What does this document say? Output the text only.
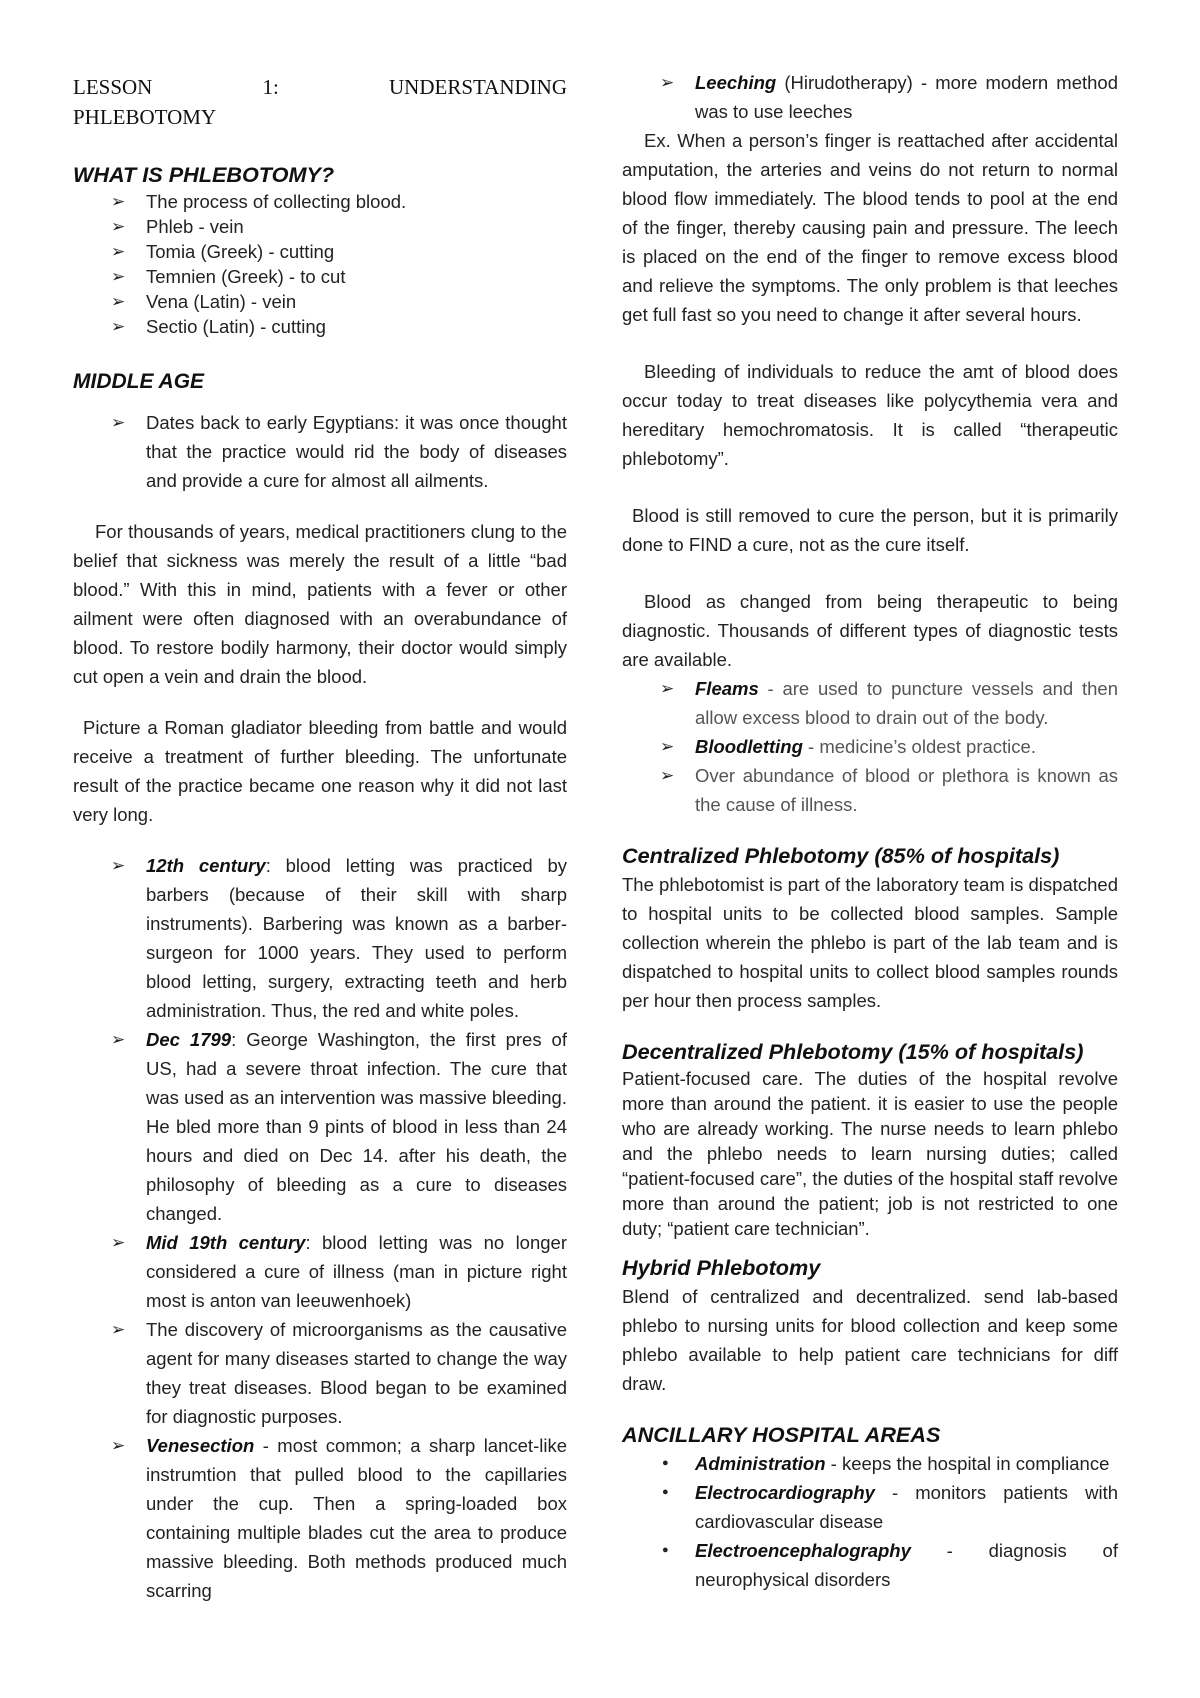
LESSON	1:	UNDERSTANDING
PHLEBOTOMY
WHAT IS PHLEBOTOMY?
➢ The process of collecting blood.
➢ Phleb - vein
➢ Tomia (Greek) - cutting
➢ Temnien (Greek) - to cut
➢ Vena (Latin) - vein
➢ Sectio (Latin) - cutting
MIDDLE AGE
➢ Dates back to early Egyptians: it was once thought that the practice would rid the body of diseases and provide a cure for almost all ailments.

For thousands of years, medical practitioners clung to the belief that sickness was merely the result of a little “bad blood.” With this in mind, patients with a fever or other ailment were often diagnosed with an overabundance of blood. To restore bodily harmony, their doctor would simply cut open a vein and drain the blood.

Picture a Roman gladiator bleeding from battle and would receive a treatment of further bleeding. The unfortunate result of the practice became one reason why it did not last very long.

➢ 12th century: blood letting was practiced by barbers (because of their skill with sharp instruments). Barbering was known as a barber-surgeon for 1000 years. They used to perform blood letting, surgery, extracting teeth and herb administration. Thus, the red and white poles.
➢ Dec 1799: George Washington, the first pres of US, had a severe throat infection. The cure that was used as an intervention was massive bleeding. He bled more than 9 pints of blood in less than 24 hours and died on Dec 14. after his death, the philosophy of bleeding as a cure to diseases changed.
➢ Mid 19th century: blood letting was no longer considered a cure of illness (man in picture right most is anton van leeuwenhoek)
➢ The discovery of microorganisms as the causative agent for many diseases started to change the way they treat diseases. Blood began to be examined for diagnostic purposes.
➢ Venesection - most common; a sharp lancet-like instrumtion that pulled blood to the capillaries under the cup. Then a spring-loaded box containing multiple blades cut the area to produce massive bleeding. Both methods produced much scarring
➢ Leeching (Hirudotherapy) - more modern method was to use leeches

Ex. When a person’s finger is reattached after accidental amputation, the arteries and veins do not return to normal blood flow immediately. The blood tends to pool at the end of the finger, thereby causing pain and pressure. The leech is placed on the end of the finger to remove excess blood and relieve the symptoms. The only problem is that leeches get full fast so you need to change it after several hours.

Bleeding of individuals to reduce the amt of blood does occur today to treat diseases like polycythemia vera and hereditary hemochromatosis. It is called “therapeutic phlebotomy”.

Blood is still removed to cure the person, but it is primarily done to FIND a cure, not as the cure itself.

Blood as changed from being therapeutic to being diagnostic. Thousands of different types of diagnostic tests are available.

➢ Fleams - are used to puncture vessels and then allow excess blood to drain out of the body.
➢ Bloodletting - medicine’s oldest practice.
➢ Over abundance of blood or plethora is known as the cause of illness.
Centralized Phlebotomy (85% of hospitals)

The phlebotomist is part of the laboratory team is dispatched to hospital units to be collected blood samples. Sample collection wherein the phlebo is part of the lab team and is dispatched to hospital units to collect blood samples rounds per hour then process samples.

Decentralized Phlebotomy (15% of hospitals)

Patient-focused care. The duties of the hospital revolve more than around the patient. it is easier to use the people who are already working. The nurse needs to learn phlebo and the phlebo needs to learn nursing duties; called “patient-focused care”, the duties of the hospital staff revolve more than around the patient; job is not restricted to one duty; “patient care technician”.

Hybrid Phlebotomy

Blend of centralized and decentralized. send lab-based phlebo to nursing units for blood collection and keep some phlebo available to help patient care technicians for diff draw.

ANCILLARY HOSPITAL AREAS
● Administration - keeps the hospital in compliance
● Electrocardiography - monitors patients with cardiovascular disease
● Electroencephalography - diagnosis of neurophysical disorders
